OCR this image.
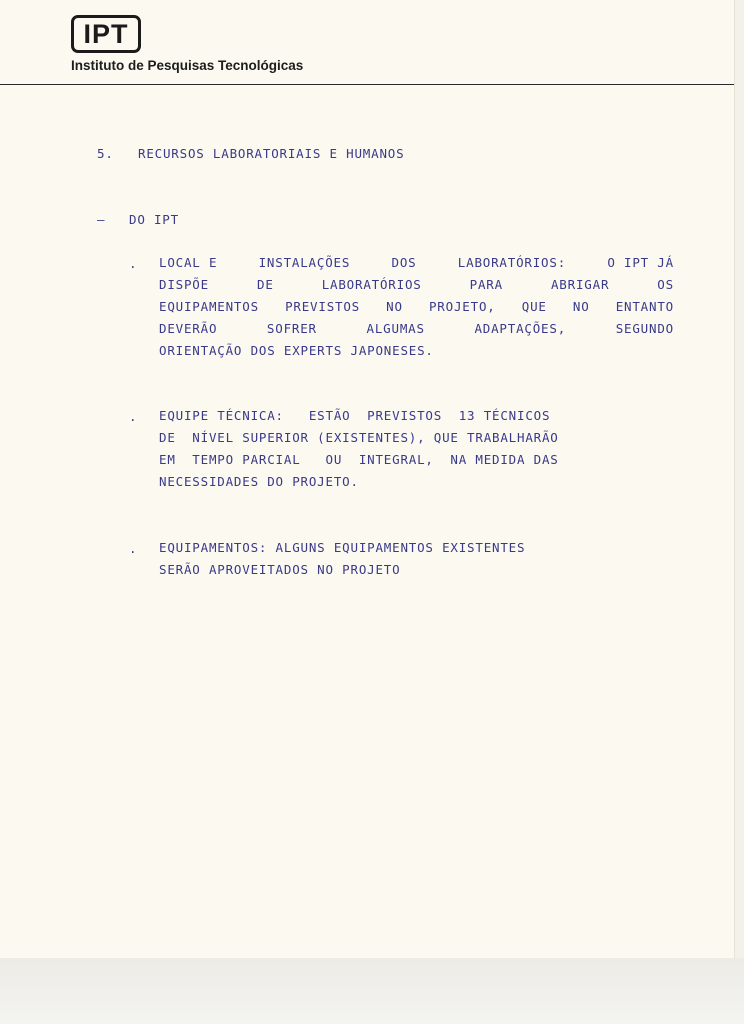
IPT
Instituto de Pesquisas Tecnológicas
5. RECURSOS LABORATORIAIS E HUMANOS
— DO IPT
. LOCAL E	INSTALAÇÕES	DOS	LABORATÓRIOS:	O IPT JÁ
DISPÕE	DE	LABORATÓRIOS	PARA	ABRIGAR	OS
EQUIPAMENTOS PREVISTOS NO PROJETO, QUE NO ENTANTO
DEVERÃO	SOFRER	ALGUMAS	ADAPTAÇÕES,	SEGUNDO
ORIENTAÇÃO DOS EXPERTS JAPONESES.
. EQUIPE TÉCNICA:   ESTÃO  PREVISTOS  13 TÉCNICOS
DE  NÍVEL SUPERIOR (EXISTENTES), QUE TRABALHARÃO
EM  TEMPO PARCIAL   OU  INTEGRAL,  NA MEDIDA DAS
NECESSIDADES DO PROJETO.
. EQUIPAMENTOS: ALGUNS EQUIPAMENTOS EXISTENTES
SERÃO APROVEITADOS NO PROJETO
